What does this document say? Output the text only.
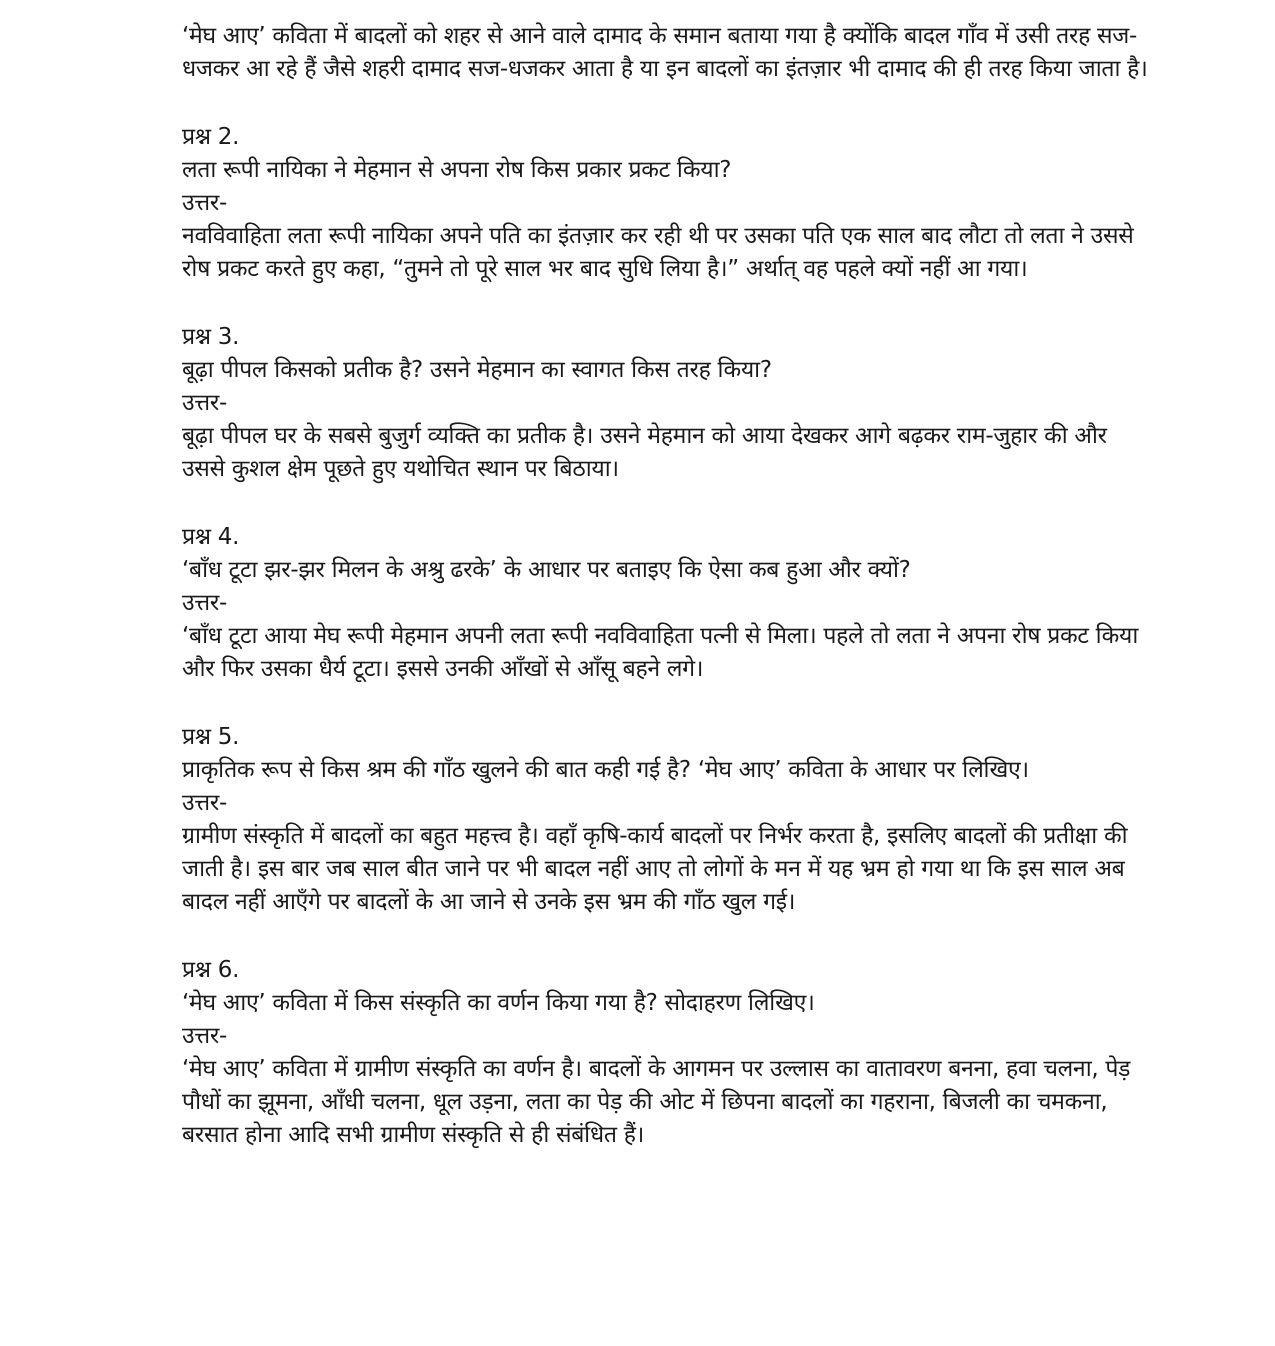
‘मेघ आए’ कविता में बादलों को शहर से आने वाले दामाद के समान बताया गया है क्योंकि बादल गाँव में उसी तरह सज-धजकर आ रहे हैं जैसे शहरी दामाद सज-धजकर आता है या इन बादलों का इंतज़ार भी दामाद की ही तरह किया जाता है।

प्रश्न 2.
लता रूपी नायिका ने मेहमान से अपना रोष किस प्रकार प्रकट किया?
उत्तर-
नवविवाहिता लता रूपी नायिका अपने पति का इंतज़ार कर रही थी पर उसका पति एक साल बाद लौटा तो लता ने उससे रोष प्रकट करते हुए कहा, “तुमने तो पूरे साल भर बाद सुधि लिया है।” अर्थात् वह पहले क्यों नहीं आ गया।
प्रश्न 3.
बूढ़ा पीपल किसको प्रतीक है? उसने मेहमान का स्वागत किस तरह किया?
उत्तर-
बूढ़ा पीपल घर के सबसे बुजुर्ग व्यक्ति का प्रतीक है। उसने मेहमान को आया देखकर आगे बढ़कर राम-जुहार की और उससे कुशल क्षेम पूछते हुए यथोचित स्थान पर बिठाया।
प्रश्न 4.
‘बाँध टूटा झर-झर मिलन के अश्रु ढरके’ के आधार पर बताइए कि ऐसा कब हुआ और क्यों?
उत्तर-
‘बाँध टूटा आया मेघ रूपी मेहमान अपनी लता रूपी नवविवाहिता पत्नी से मिला। पहले तो लता ने अपना रोष प्रकट किया और फिर उसका धैर्य टूटा। इससे उनकी आँखों से आँसू बहने लगे।
प्रश्न 5.
प्राकृतिक रूप से किस श्रम की गाँठ खुलने की बात कही गई है? ‘मेघ आए’ कविता के आधार पर लिखिए।
उत्तर-
ग्रामीण संस्कृति में बादलों का बहुत महत्त्व है। वहाँ कृषि-कार्य बादलों पर निर्भर करता है, इसलिए बादलों की प्रतीक्षा की जाती है। इस बार जब साल बीत जाने पर भी बादल नहीं आए तो लोगों के मन में यह भ्रम हो गया था कि इस साल अब बादल नहीं आएँगे पर बादलों के आ जाने से उनके इस भ्रम की गाँठ खुल गई।
प्रश्न 6.
‘मेघ आए’ कविता में किस संस्कृति का वर्णन किया गया है? सोदाहरण लिखिए।
उत्तर-
‘मेघ आए’ कविता में ग्रामीण संस्कृति का वर्णन है। बादलों के आगमन पर उल्लास का वातावरण बनना, हवा चलना, पेड़ पौधों का झूमना, आँधी चलना, धूल उड़ना, लता का पेड़ की ओट में छिपना बादलों का गहराना, बिजली का चमकना, बरसात होना आदि सभी ग्रामीण संस्कृति से ही संबंधित हैं।
